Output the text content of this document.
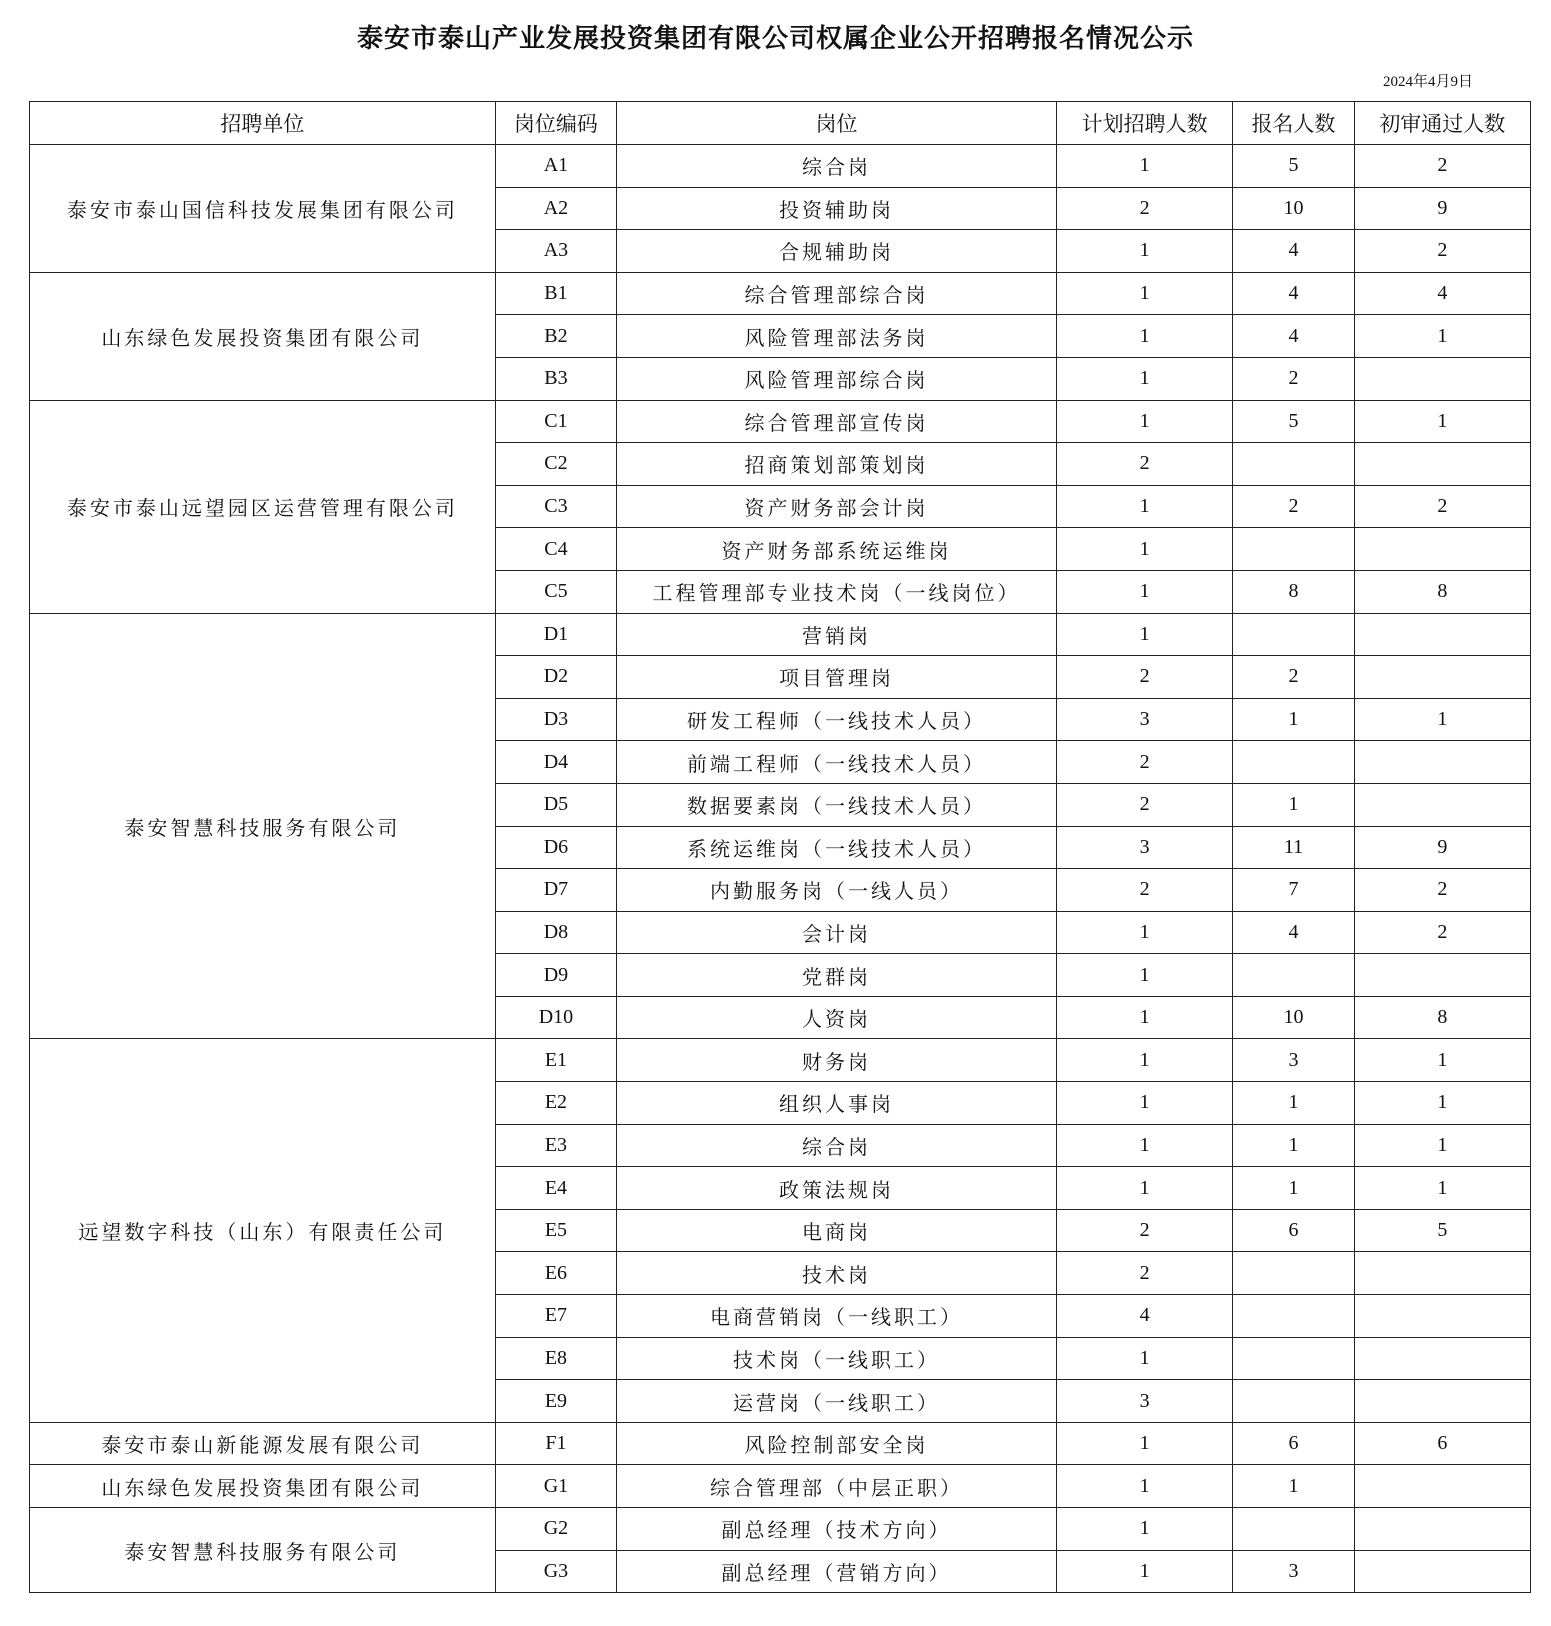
泰安市泰山产业发展投资集团有限公司权属企业公开招聘报名情况公示
2024年4月9日
招聘单位	岗位编码	岗位	计划招聘人数	报名人数	初审通过人数
泰安市泰山国信科技发展集团有限公司	A1	综合岗	1	5	2
	A2	投资辅助岗	2	10	9
	A3	合规辅助岗	1	4	2
山东绿色发展投资集团有限公司	B1	综合管理部综合岗	1	4	4
	B2	风险管理部法务岗	1	4	1
	B3	风险管理部综合岗	1	2	
泰安市泰山远望园区运营管理有限公司	C1	综合管理部宣传岗	1	5	1
	C2	招商策划部策划岗	2		
	C3	资产财务部会计岗	1	2	2
	C4	资产财务部系统运维岗	1		
	C5	工程管理部专业技术岗（一线岗位）	1	8	8
泰安智慧科技服务有限公司	D1	营销岗	1		
	D2	项目管理岗	2	2	
	D3	研发工程师（一线技术人员）	3	1	1
	D4	前端工程师（一线技术人员）	2		
	D5	数据要素岗（一线技术人员）	2	1	
	D6	系统运维岗（一线技术人员）	3	11	9
	D7	内勤服务岗（一线人员）	2	7	2
	D8	会计岗	1	4	2
	D9	党群岗	1		
	D10	人资岗	1	10	8
远望数字科技（山东）有限责任公司	E1	财务岗	1	3	1
	E2	组织人事岗	1	1	1
	E3	综合岗	1	1	1
	E4	政策法规岗	1	1	1
	E5	电商岗	2	6	5
	E6	技术岗	2		
	E7	电商营销岗（一线职工）	4		
	E8	技术岗（一线职工）	1		
	E9	运营岗（一线职工）	3		
泰安市泰山新能源发展有限公司	F1	风险控制部安全岗	1	6	6
山东绿色发展投资集团有限公司	G1	综合管理部（中层正职）	1	1	
泰安智慧科技服务有限公司	G2	副总经理（技术方向）	1		
	G3	副总经理（营销方向）	1	3	
